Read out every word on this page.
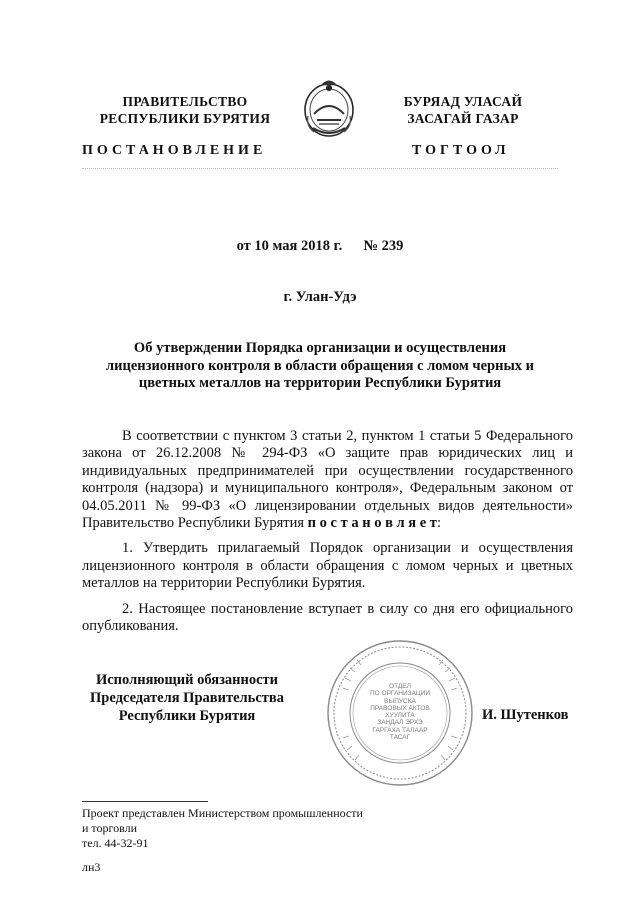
ПРАВИТЕЛЬСТВО
РЕСПУБЛИКИ БУРЯТИЯ
БУРЯАД УЛАСАЙ
ЗАСАГАЙ ГАЗАР
ПОСТАНОВЛЕНИЕ	ТОГТООЛ
от 10 мая 2018 г. № 239
г. Улан-Удэ
Об утверждении Порядка организации и осуществления
лицензионного контроля в области обращения с ломом черных и
цветных металлов на территории Республики Бурятия

В соответствии с пунктом 3 статьи 2, пунктом 1 статьи 5 Федерального закона от 26.12.2008 № 294-ФЗ «О защите прав юридических лиц и индивидуальных предпринимателей при осуществлении государственного контроля (надзора) и муниципального контроля», Федеральным законом от 04.05.2011 № 99-ФЗ «О лицензировании отдельных видов деятельности» Правительство Республики Бурятия п о с т а н о в л я е т:

1. Утвердить прилагаемый Порядок организации и осуществления лицензионного контроля в области обращения с ломом черных и цветных металлов на территории Республики Бурятия.

2. Настоящее постановление вступает в силу со дня его официального опубликования.

Исполняющий обязанности
Председателя Правительства
Республики Бурятия
ОТДЕЛ
ПО ОРГАНИЗАЦИИ
ВЫПУСКА
ПРАВОВЫХ АКТОВ
ХУУЛИТА
ЗАНДАЛ ЭРХЭ
ГАРГАХА ТАЛААР
ТАСАГ
И. Шутенков
Проект представлен Министерством промышленности
и торговли
тел. 44-32-91
лн3
